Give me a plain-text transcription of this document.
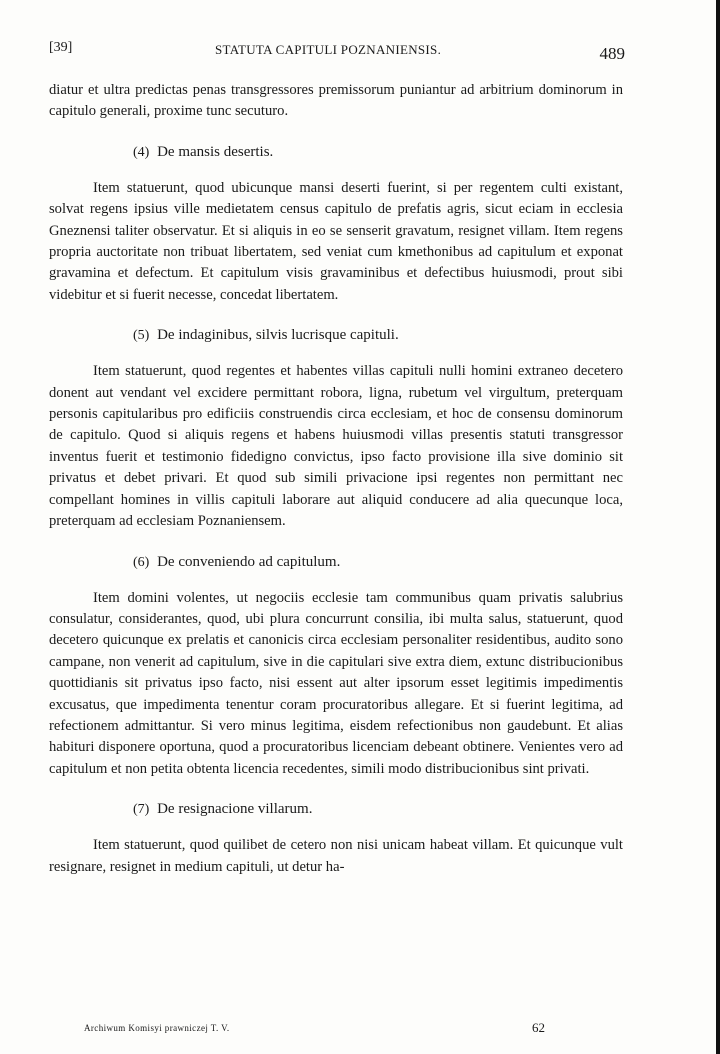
[39]	STATUTA CAPITULI POZNANIENSIS.	489

diatur et ultra predictas penas transgressores premissorum puniantur ad arbitrium dominorum in capitulo generali, proxime tunc secuturo.

(4) De mansis desertis.

Item statuerunt, quod ubicunque mansi deserti fuerint, si per regentem culti existant, solvat regens ipsius ville medietatem census capitulo de prefatis agris, sicut eciam in ecclesia Gneznensi taliter observatur. Et si aliquis in eo se senserit gravatum, resignet villam. Item regens propria auctoritate non tribuat libertatem, sed veniat cum kmethonibus ad capitulum et exponat gravamina et defectum. Et capitulum visis gravaminibus et defectibus huiusmodi, prout sibi videbitur et si fuerit necesse, concedat libertatem.

(5) De indaginibus, silvis lucrisque capituli.

Item statuerunt, quod regentes et habentes villas capituli nulli homini extraneo decetero donent aut vendant vel excidere permittant robora, ligna, rubetum vel virgultum, preterquam personis capitularibus pro edificiis construendis circa ecclesiam, et hoc de consensu dominorum de capitulo. Quod si aliquis regens et habens huiusmodi villas presentis statuti transgressor inventus fuerit et testimonio fidedigno convictus, ipso facto provisione illa sive dominio sit privatus et debet privari. Et quod sub simili privacione ipsi regentes non permittant nec compellant homines in villis capituli laborare aut aliquid conducere ad alia quecunque loca, preterquam ad ecclesiam Poznaniensem.

(6) De conveniendo ad capitulum.

Item domini volentes, ut negociis ecclesie tam communibus quam privatis salubrius consulatur, considerantes, quod, ubi plura concurrunt consilia, ibi multa salus, statuerunt, quod decetero quicunque ex prelatis et canonicis circa ecclesiam personaliter residentibus, audito sono campane, non venerit ad capitulum, sive in die capitulari sive extra diem, extunc distribucionibus quottidianis sit privatus ipso facto, nisi essent aut alter ipsorum esset legitimis impedimentis excusatus, que impedimenta tenentur coram procuratoribus allegare. Et si fuerint legitima, ad refectionem admittantur. Si vero minus legitima, eisdem refectionibus non gaudebunt. Et alias habituri disponere oportuna, quod a procuratoribus licenciam debeant obtinere. Venientes vero ad capitulum et non petita obtenta licencia recedentes, simili modo distribucionibus sint privati.

(7) De resignacione villarum.

Item statuerunt, quod quilibet de cetero non nisi unicam habeat villam. Et quicunque vult resignare, resignet in medium capituli, ut detur ha-

Archiwum Komisyi prawniczej T. V.	62
